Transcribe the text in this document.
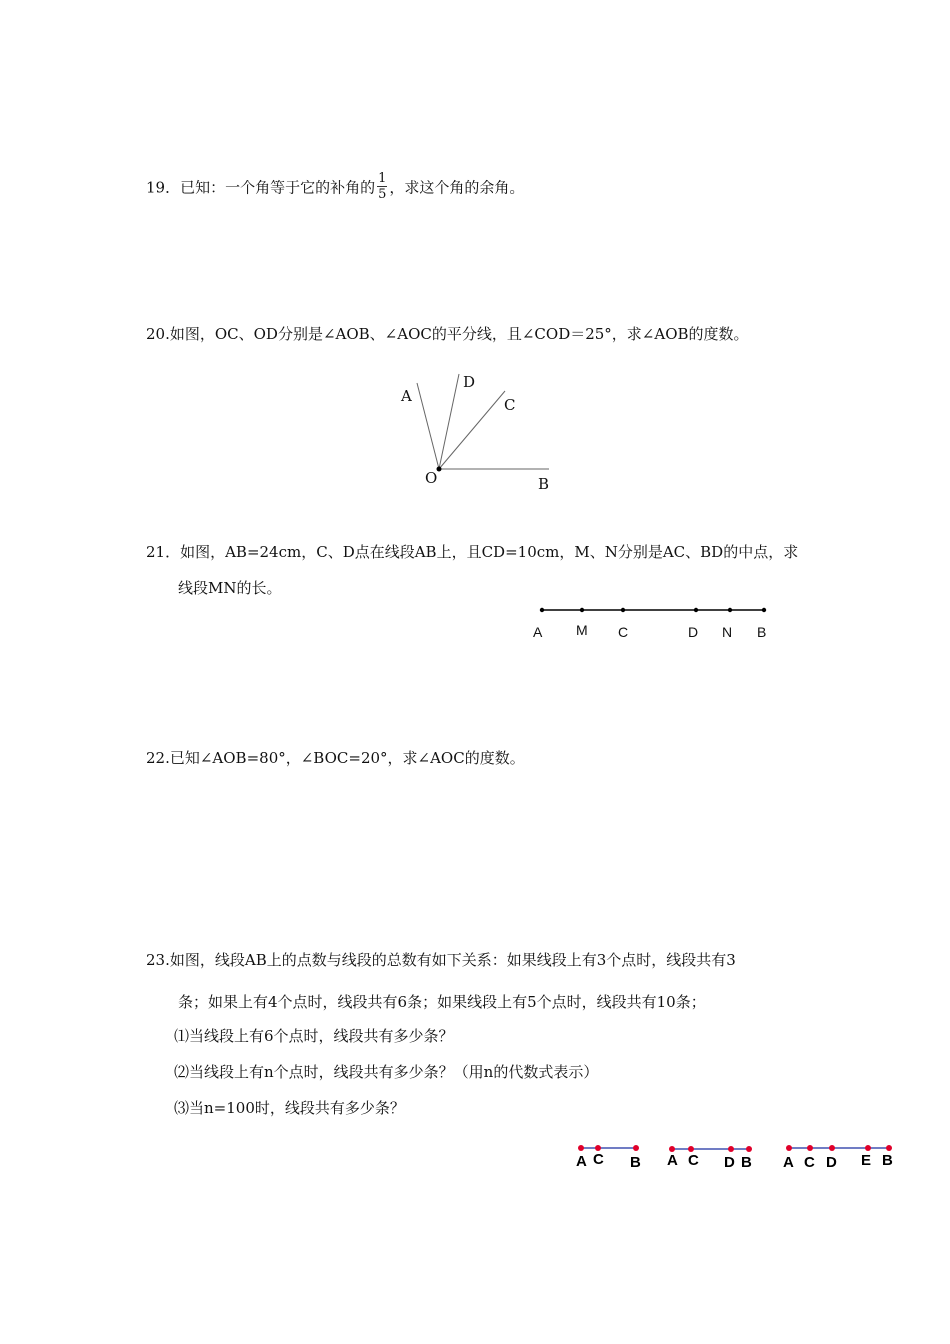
19．已知：一个角等于它的补角的 $\frac{1}{5}$ ，求这个角的余角。
20.如图，OC、OD分别是∠AOB、∠AOC的平分线，且∠COD＝25°，求∠AOB的度数。
A
D
C
O	B
21．如图，AB=24cm，C、D点在线段AB上，且CD=10cm，M、N分别是AC、BD的中点，求
线段MN的长。
A M C	D N B
22.已知∠AOB=80°，∠BOC=20°，求∠AOC的度数。
23.如图，线段AB上的点数与线段的总数有如下关系：如果线段上有3个点时，线段共有3
条；如果上有4个点时，线段共有6条；如果线段上有5个点时，线段共有10条；
⑴当线段上有6个点时，线段共有多少条？
⑵当线段上有n个点时，线段共有多少条？（用n的代数式表示）
⑶当n=100时，线段共有多少条？
A C B A C D B A C D E B
